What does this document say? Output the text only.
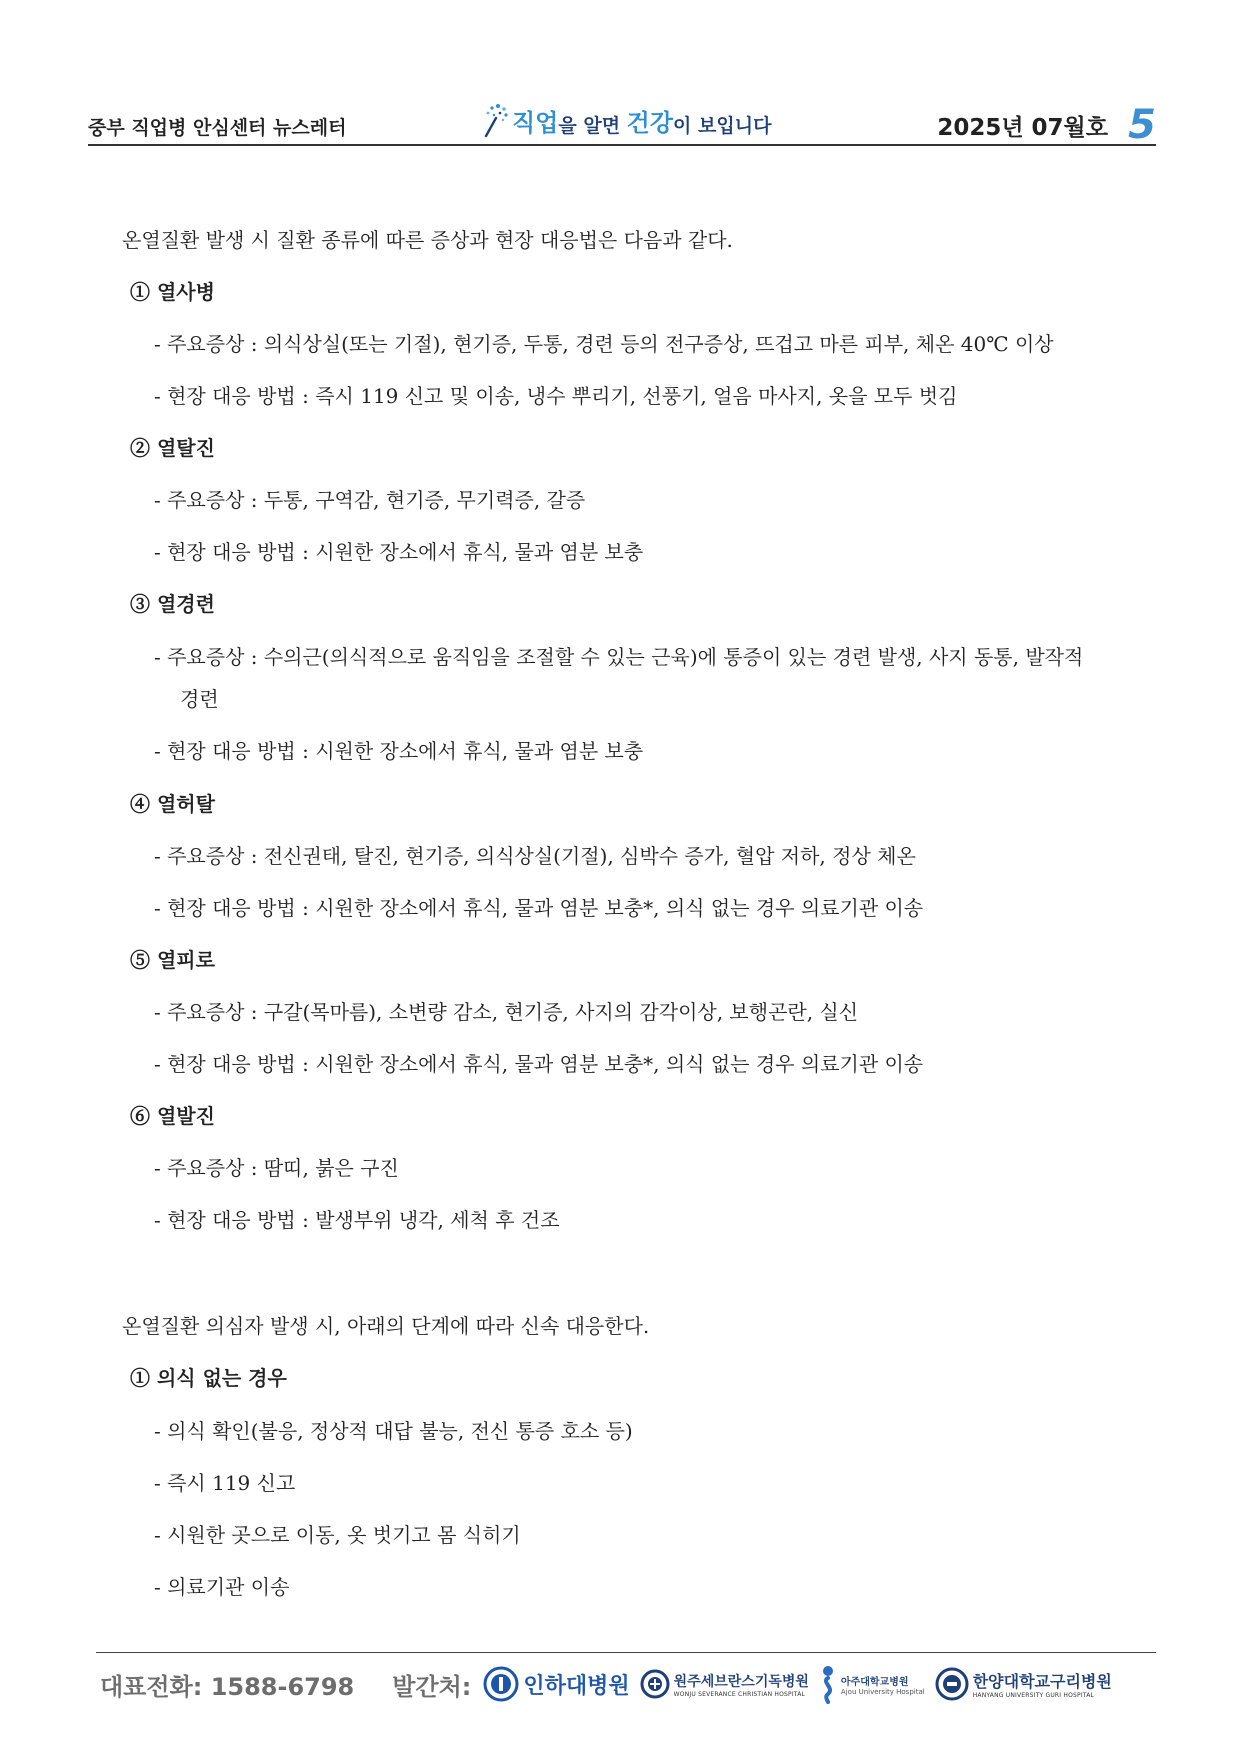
중부 직업병 안심센터 뉴스레터	직업 을 알면 건강 이 보입니다	2025년 07월호 5
온열질환 발생 시 질환 종류에 따른 증상과 현장 대응법은 다음과 같다.
① 열사병
- 주요증상 : 의식상실(또는 기절), 현기증, 두통, 경련 등의 전구증상, 뜨겁고 마른 피부, 체온 40℃ 이상
- 현장 대응 방법 : 즉시 119 신고 및 이송, 냉수 뿌리기, 선풍기, 얼음 마사지, 옷을 모두 벗김
② 열탈진
- 주요증상 : 두통, 구역감, 현기증, 무기력증, 갈증
- 현장 대응 방법 : 시원한 장소에서 휴식, 물과 염분 보충
③ 열경련
- 주요증상 : 수의근(의식적으로 움직임을 조절할 수 있는 근육)에 통증이 있는 경련 발생, 사지 동통, 발작적
경련
- 현장 대응 방법 : 시원한 장소에서 휴식, 물과 염분 보충
④ 열허탈
- 주요증상 : 전신권태, 탈진, 현기증, 의식상실(기절), 심박수 증가, 혈압 저하, 정상 체온
- 현장 대응 방법 : 시원한 장소에서 휴식, 물과 염분 보충*, 의식 없는 경우 의료기관 이송
⑤ 열피로
- 주요증상 : 구갈(목마름), 소변량 감소, 현기증, 사지의 감각이상, 보행곤란, 실신
- 현장 대응 방법 : 시원한 장소에서 휴식, 물과 염분 보충*, 의식 없는 경우 의료기관 이송
⑥ 열발진
- 주요증상 : 땀띠, 붉은 구진
- 현장 대응 방법 : 발생부위 냉각, 세척 후 건조
온열질환 의심자 발생 시, 아래의 단계에 따라 신속 대응한다.
① 의식 없는 경우
- 의식 확인(불응, 정상적 대답 불능, 전신 통증 호소 등)
- 즉시 119 신고
- 시원한 곳으로 이동, 옷 벗기고 몸 식히기
- 의료기관 이송
대표전화: 1588-6798 발간처: 인하대병원	원주세브란스기독병원
WONJU SEVERANCE CHRISTIAN HOSPITAL
아주대학교병원
Ajou University Hospital
한양대학교구리병원
HANYANG UNIVERSITY GURI HOSPITAL
